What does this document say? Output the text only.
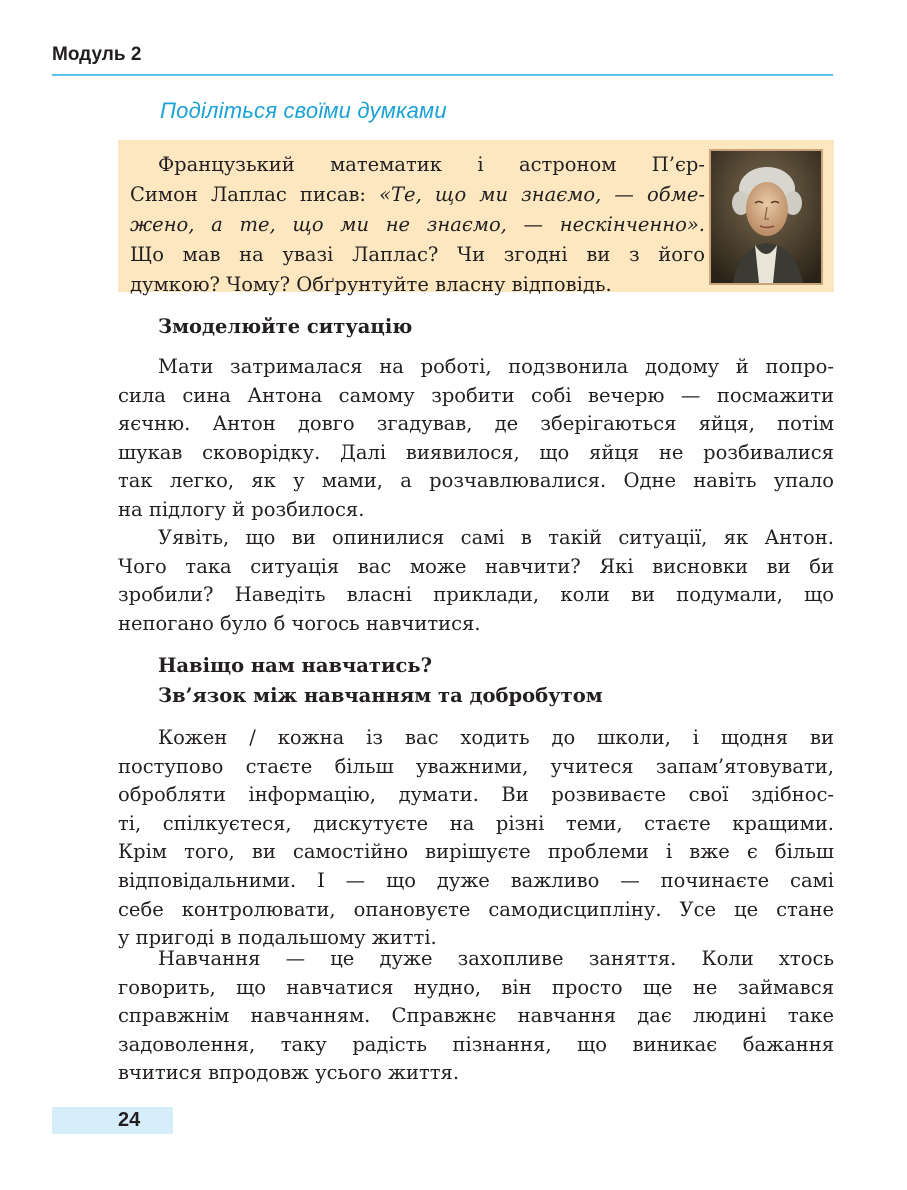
Модуль 2
Поділіться своїми думками
Французький математик і астроном П’єр-
Симон Лаплас писав: «Те, що ми знаємо, — обме-
жено, а те, що ми не знаємо, — нескінченно».
Що мав на увазі Лаплас? Чи згодні ви з його
думкою? Чому? Обґрунтуйте власну відповідь.
Змоделюйте ситуацію
Мати затрималася на роботі, подзвонила додому й попро-
сила сина Антона самому зробити собі вечерю — посмажити
яєчню. Антон довго згадував, де зберігаються яйця, потім
шукав сковорідку. Далі виявилося, що яйця не розбивалися
так легко, як у мами, а розчавлювалися. Одне навіть упало
на підлогу й розбилося.
Уявіть, що ви опинилися самі в такій ситуації, як Антон.
Чого така ситуація вас може навчити? Які висновки ви би
зробили? Наведіть власні приклади, коли ви подумали, що
непогано було б чогось навчитися.
Навіщо нам навчатись?
Зв’язок між навчанням та добробутом
Кожен / кожна із вас ходить до школи, і щодня ви
поступово стаєте більш уважними, учитеся запам’ятовувати,
обробляти інформацію, думати. Ви розвиваєте свої здібнос-
ті, спілкуєтеся, дискутуєте на різні теми, стаєте кращими.
Крім того, ви самостійно вирішуєте проблеми і вже є більш
відповідальними. І — що дуже важливо — починаєте самі
себе контролювати, опановуєте самодисципліну. Усе це стане
у пригоді в подальшому житті.
Навчання — це дуже захопливе заняття. Коли хтось
говорить, що навчатися нудно, він просто ще не займався
справжнім навчанням. Справжнє навчання дає людині таке
задоволення, таку радість пізнання, що виникає бажання
вчитися впродовж усього життя.
24
